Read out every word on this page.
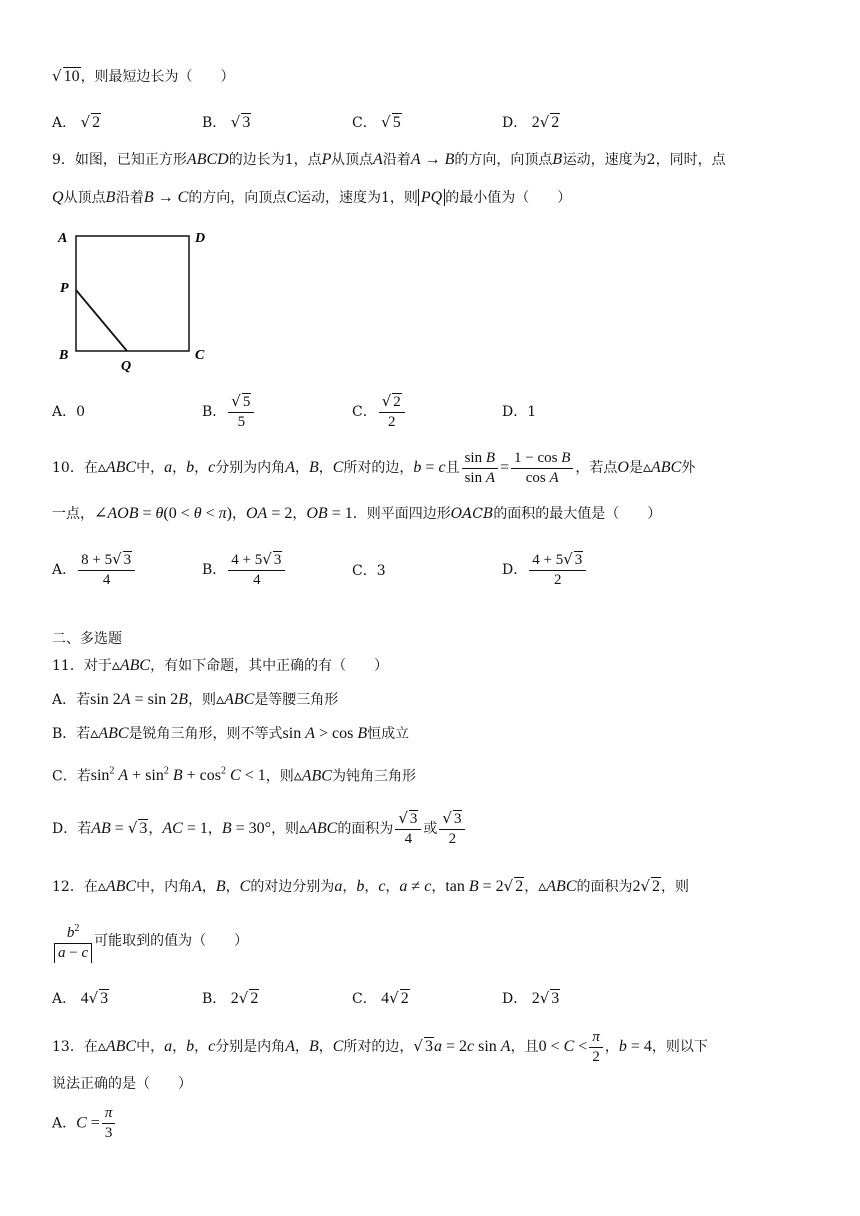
√ 10，则最短边长为（　　）
A． √ 2	B． √ 3	C． √ 5	D． 2√ 2
9．如图，已知正方形ABCD的边长为1，点P从顶点A沿着A → B的方向，向顶点B运动，速度为2，同时，点
Q从顶点B沿着B → C的方向，向顶点C运动，速度为1，则 PQ 的最小值为（　　）
A	D
P
B	C
Q
A．0	B． $\frac{√ 5}{5}$	C． $\frac{√ 2}{2}$	D．1
10．在▵ABC中，a，b，c分别为内角A，B，C所对的边，b = c且 $\frac{\text{sin B}}{\text{sin A}} = \frac{\text{1 − cos B}}{\text{cos A}}$ ，若点O是▵ABC外
一点，∠AOB = θ(0 < θ < π)，OA = 2，OB = 1．则平面四边形OACB的面积的最大值是（　　）
A． $\frac{8 + 5√ 3}{4}$	B． $\frac{4 + 5√ 3}{4}$	C．3	D． $\frac{4 + 5√ 3}{2}$
二、多选题
11．对于▵ABC，有如下命题，其中正确的有（　　）
A．若sin 2A = sin 2B，则▵ABC是等腰三角形
B．若▵ABC是锐角三角形，则不等式sin A > cos B恒成立
C．若$\sin^2 A + \sin^2 B + \cos^2 C < 1$，则▵ABC为钝角三角形
D．若AB = √ 3，AC = 1，B = 30°，则▵ABC的面积为 $\frac{√ 3}{4}$ 或 $\frac{√ 3}{2}$
12．在▵ABC中，内角A，B，C的对边分别为a，b，c，a ≠ c，tan B = 2√ 2，▵ABC的面积为2√ 2，则
$\frac{b^2}{a - c}$ 可能取到的值为（　　）
A． 4√ 3	B． 2√ 2	C． 4√ 2	D． 2√ 3
13．在▵ABC中，a，b，c分别是内角A，B，C所对的边，√ 3a = 2c sin A，且$0 < C < \frac{\pi}{2}$ ，b = 4，则以下
说法正确的是（　　）
A．$C = \frac{\pi}{3}$
